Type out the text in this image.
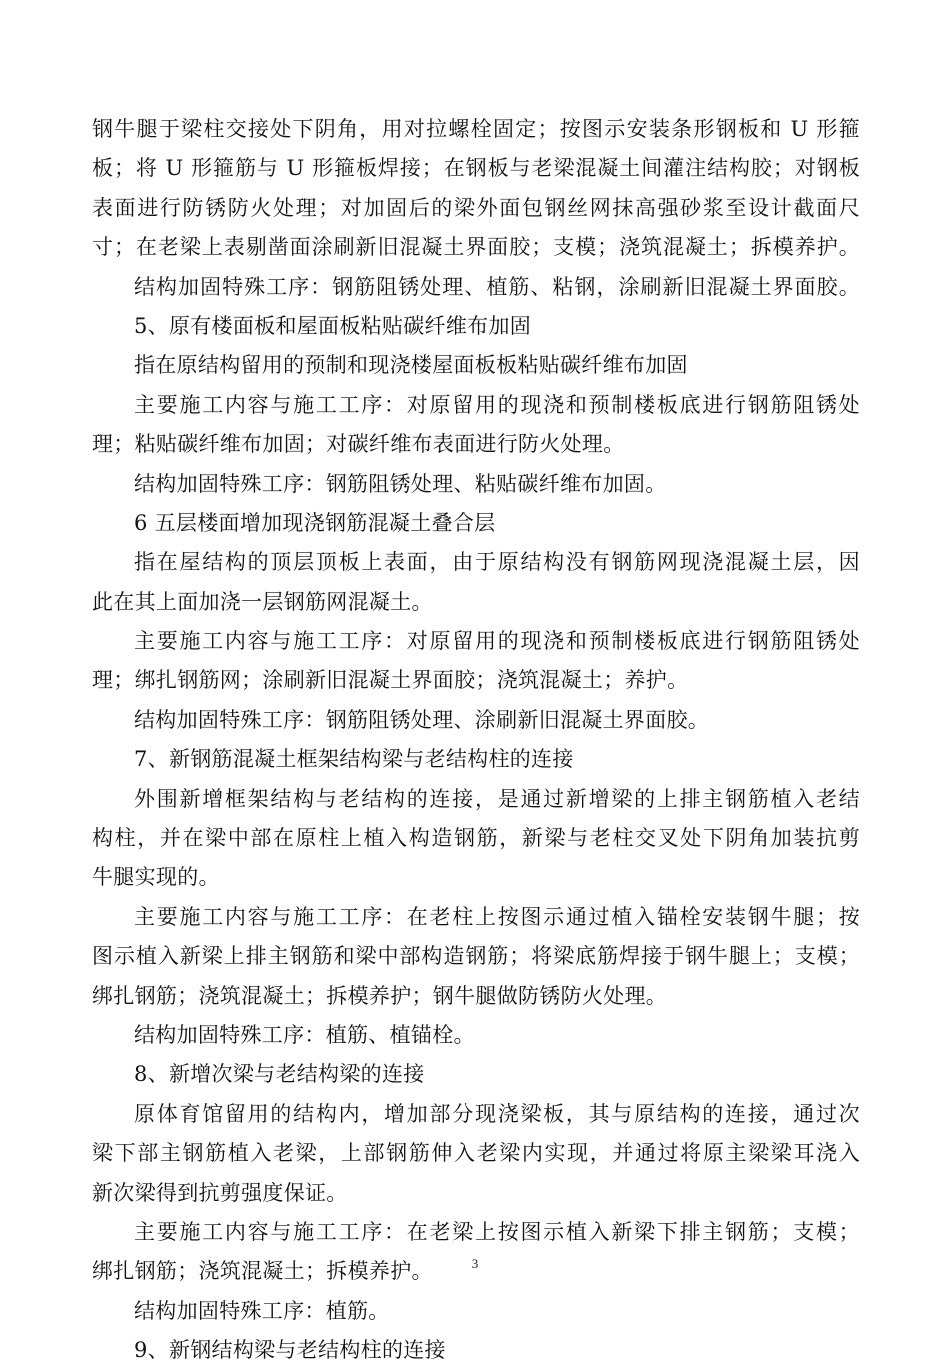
钢牛腿于梁柱交接处下阴角，用对拉螺栓固定；按图示安装条形钢板和 U 形箍
板；将 U 形箍筋与 U 形箍板焊接；在钢板与老梁混凝土间灌注结构胶；对钢板
表面进行防锈防火处理；对加固后的梁外面包钢丝网抹高强砂浆至设计截面尺
寸；在老梁上表剔凿面涂刷新旧混凝土界面胶；支模；浇筑混凝土；拆模养护。
结构加固特殊工序：钢筋阻锈处理、植筋、粘钢，涂刷新旧混凝土界面胶。
5、原有楼面板和屋面板粘贴碳纤维布加固
指在原结构留用的预制和现浇楼屋面板板粘贴碳纤维布加固
主要施工内容与施工工序：对原留用的现浇和预制楼板底进行钢筋阻锈处
理；粘贴碳纤维布加固；对碳纤维布表面进行防火处理。
结构加固特殊工序：钢筋阻锈处理、粘贴碳纤维布加固。
6 五层楼面增加现浇钢筋混凝土叠合层
指在屋结构的顶层顶板上表面，由于原结构没有钢筋网现浇混凝土层，因
此在其上面加浇一层钢筋网混凝土。
主要施工内容与施工工序：对原留用的现浇和预制楼板底进行钢筋阻锈处
理；绑扎钢筋网；涂刷新旧混凝土界面胶；浇筑混凝土；养护。
结构加固特殊工序：钢筋阻锈处理、涂刷新旧混凝土界面胶。
7、新钢筋混凝土框架结构梁与老结构柱的连接
外围新增框架结构与老结构的连接，是通过新增梁的上排主钢筋植入老结
构柱，并在梁中部在原柱上植入构造钢筋，新梁与老柱交叉处下阴角加装抗剪
牛腿实现的。
主要施工内容与施工工序：在老柱上按图示通过植入锚栓安装钢牛腿；按
图示植入新梁上排主钢筋和梁中部构造钢筋；将梁底筋焊接于钢牛腿上；支模；
绑扎钢筋；浇筑混凝土；拆模养护；钢牛腿做防锈防火处理。
结构加固特殊工序：植筋、植锚栓。
8、新增次梁与老结构梁的连接
原体育馆留用的结构内，增加部分现浇梁板，其与原结构的连接，通过次
梁下部主钢筋植入老梁，上部钢筋伸入老梁内实现，并通过将原主梁梁耳浇入
新次梁得到抗剪强度保证。
主要施工内容与施工工序：在老梁上按图示植入新梁下排主钢筋；支模；
绑扎钢筋；浇筑混凝土；拆模养护。
结构加固特殊工序：植筋。
9、新钢结构梁与老结构柱的连接
3
